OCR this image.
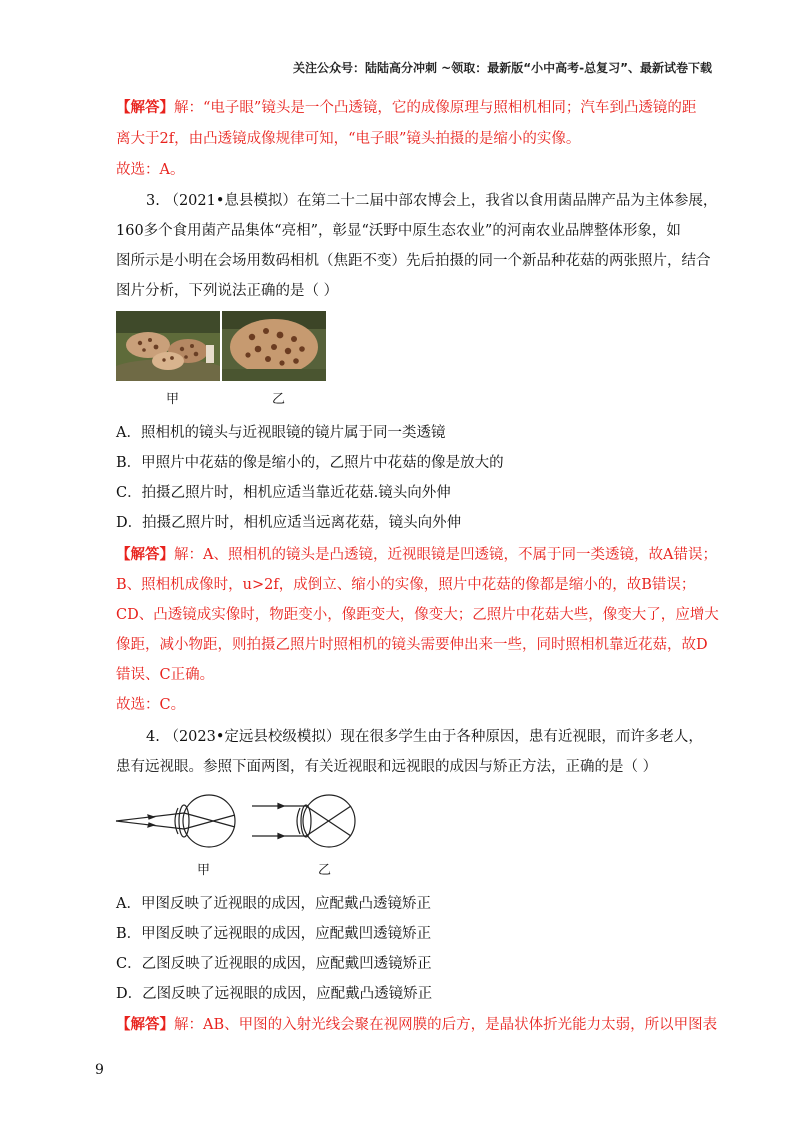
关注公众号：陆陆高分冲刺 ~领取：最新版“小中高考-总复习”、最新试卷下载
【解答】解：“电子眼”镜头是一个凸透镜，它的成像原理与照相机相同；汽车到凸透镜的距
离大于2f，由凸透镜成像规律可知，“电子眼”镜头拍摄的是缩小的实像。
故选：A。
3. （2021•息县模拟）在第二十二届中部农博会上，我省以食用菌品牌产品为主体参展，
160多个食用菌产品集体“亮相”，彰显“沃野中原生态农业”的河南农业品牌整体形象，如
图所示是小明在会场用数码相机（焦距不变）先后拍摄的同一个新品种花菇的两张照片，结合
图片分析，下列说法正确的是（ ）
甲	乙
A．照相机的镜头与近视眼镜的镜片属于同一类透镜
B．甲照片中花菇的像是缩小的，乙照片中花菇的像是放大的
C．拍摄乙照片时，相机应适当靠近花菇.镜头向外伸
D．拍摄乙照片时，相机应适当远离花菇，镜头向外伸
【解答】解：A、照相机的镜头是凸透镜，近视眼镜是凹透镜，不属于同一类透镜，故A错误；
B、照相机成像时，u>2f，成倒立、缩小的实像，照片中花菇的像都是缩小的，故B错误；
CD、凸透镜成实像时，物距变小，像距变大，像变大；乙照片中花菇大些，像变大了，应增大
像距，减小物距，则拍摄乙照片时照相机的镜头需要伸出来一些，同时照相机靠近花菇，故D
错误、C正确。
故选：C。
4. （2023•定远县校级模拟）现在很多学生由于各种原因，患有近视眼，而许多老人，
患有远视眼。参照下面两图，有关近视眼和远视眼的成因与矫正方法，正确的是（ ）
甲	乙
A．甲图反映了近视眼的成因，应配戴凸透镜矫正
B．甲图反映了远视眼的成因，应配戴凹透镜矫正
C．乙图反映了近视眼的成因，应配戴凹透镜矫正
D．乙图反映了远视眼的成因，应配戴凸透镜矫正
【解答】解：AB、甲图的入射光线会聚在视网膜的后方，是晶状体折光能力太弱，所以甲图表
9
